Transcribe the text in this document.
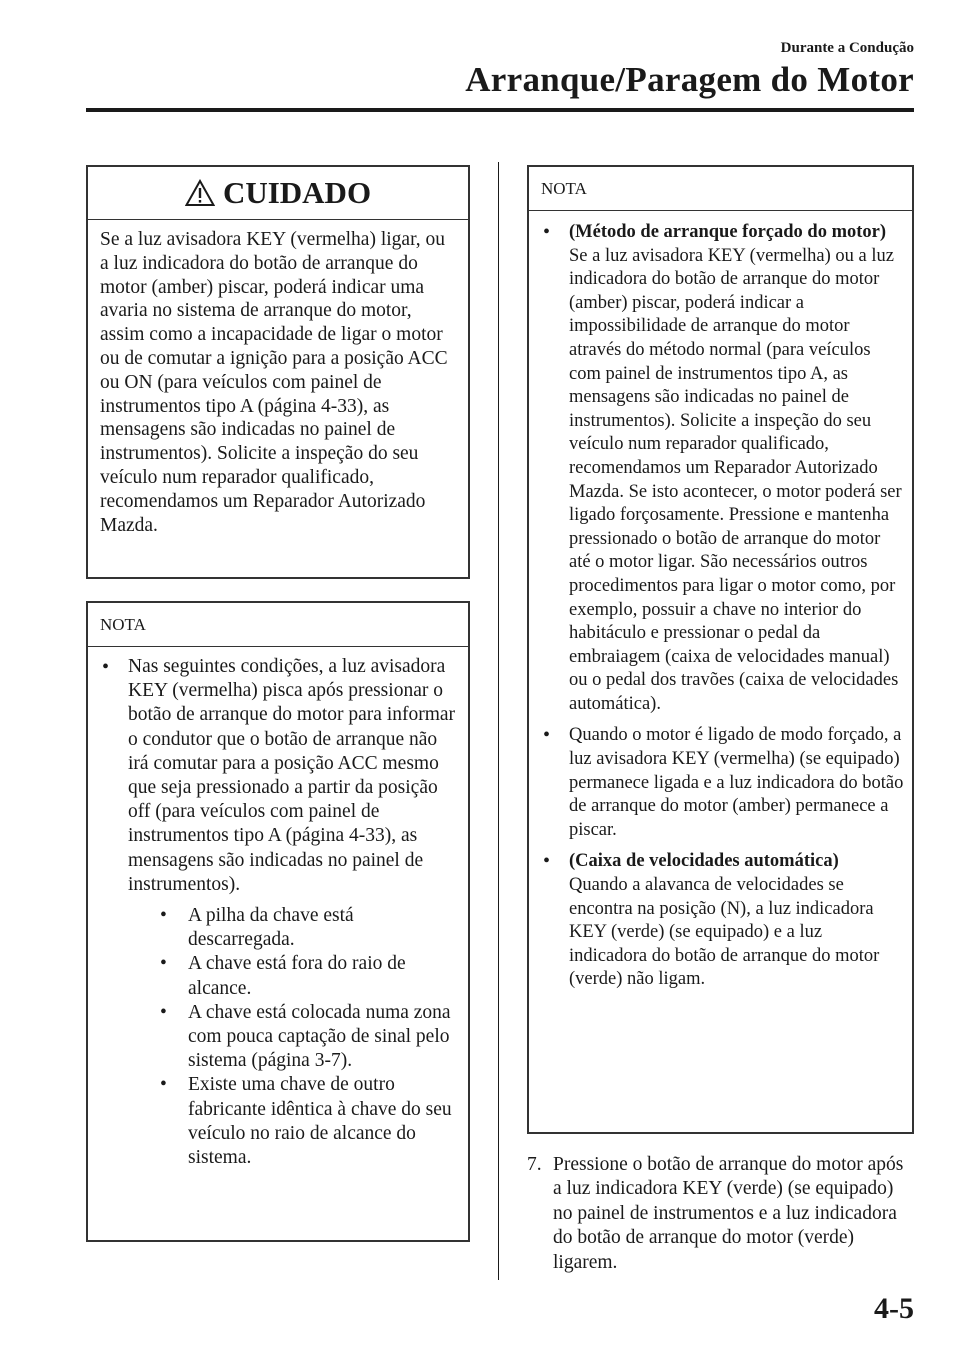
Durante a Condução
Arranque/Paragem do Motor
CUIDADO
Se a luz avisadora KEY (vermelha) ligar, ou a luz indicadora do botão de arranque do motor (amber) piscar, poderá indicar uma avaria no sistema de arranque do motor, assim como a incapacidade de ligar o motor ou de comutar a ignição para a posição ACC ou ON (para veículos com painel de instrumentos tipo A (página 4-33), as mensagens são indicadas no painel de instrumentos). Solicite a inspeção do seu veículo num reparador qualificado, recomendamos um Reparador Autorizado Mazda.
NOTA
• Nas seguintes condições, a luz avisadora KEY (vermelha) pisca após pressionar o botão de arranque do motor para informar o condutor que o botão de arranque não irá comutar para a posição ACC mesmo que seja pressionado a partir da posição off (para veículos com painel de instrumentos tipo A (página 4-33), as mensagens são indicadas no painel de instrumentos).
• A pilha da chave está descarregada.
• A chave está fora do raio de alcance.
• A chave está colocada numa zona com pouca captação de sinal pelo sistema (página 3-7).
• Existe uma chave de outro fabricante idêntica à chave do seu veículo no raio de alcance do sistema.
NOTA
• (Método de arranque forçado do motor)
Se a luz avisadora KEY (vermelha) ou a luz indicadora do botão de arranque do motor (amber) piscar, poderá indicar a impossibilidade de arranque do motor através do método normal (para veículos com painel de instrumentos tipo A, as mensagens são indicadas no painel de instrumentos). Solicite a inspeção do seu veículo num reparador qualificado, recomendamos um Reparador Autorizado Mazda. Se isto acontecer, o motor poderá ser ligado forçosamente. Pressione e mantenha pressionado o botão de arranque do motor até o motor ligar. São necessários outros procedimentos para ligar o motor como, por exemplo, possuir a chave no interior do habitáculo e pressionar o pedal da embraiagem (caixa de velocidades manual) ou o pedal dos travões (caixa de velocidades automática).
• Quando o motor é ligado de modo forçado, a luz avisadora KEY (vermelha) (se equipado) permanece ligada e a luz indicadora do botão de arranque do motor (amber) permanece a piscar.
• (Caixa de velocidades automática)
Quando a alavanca de velocidades se encontra na posição (N), a luz indicadora KEY (verde) (se equipado) e a luz indicadora do botão de arranque do motor (verde) não ligam.
7. Pressione o botão de arranque do motor após a luz indicadora KEY (verde) (se equipado) no painel de instrumentos e a luz indicadora do botão de arranque do motor (verde) ligarem.
4-5
